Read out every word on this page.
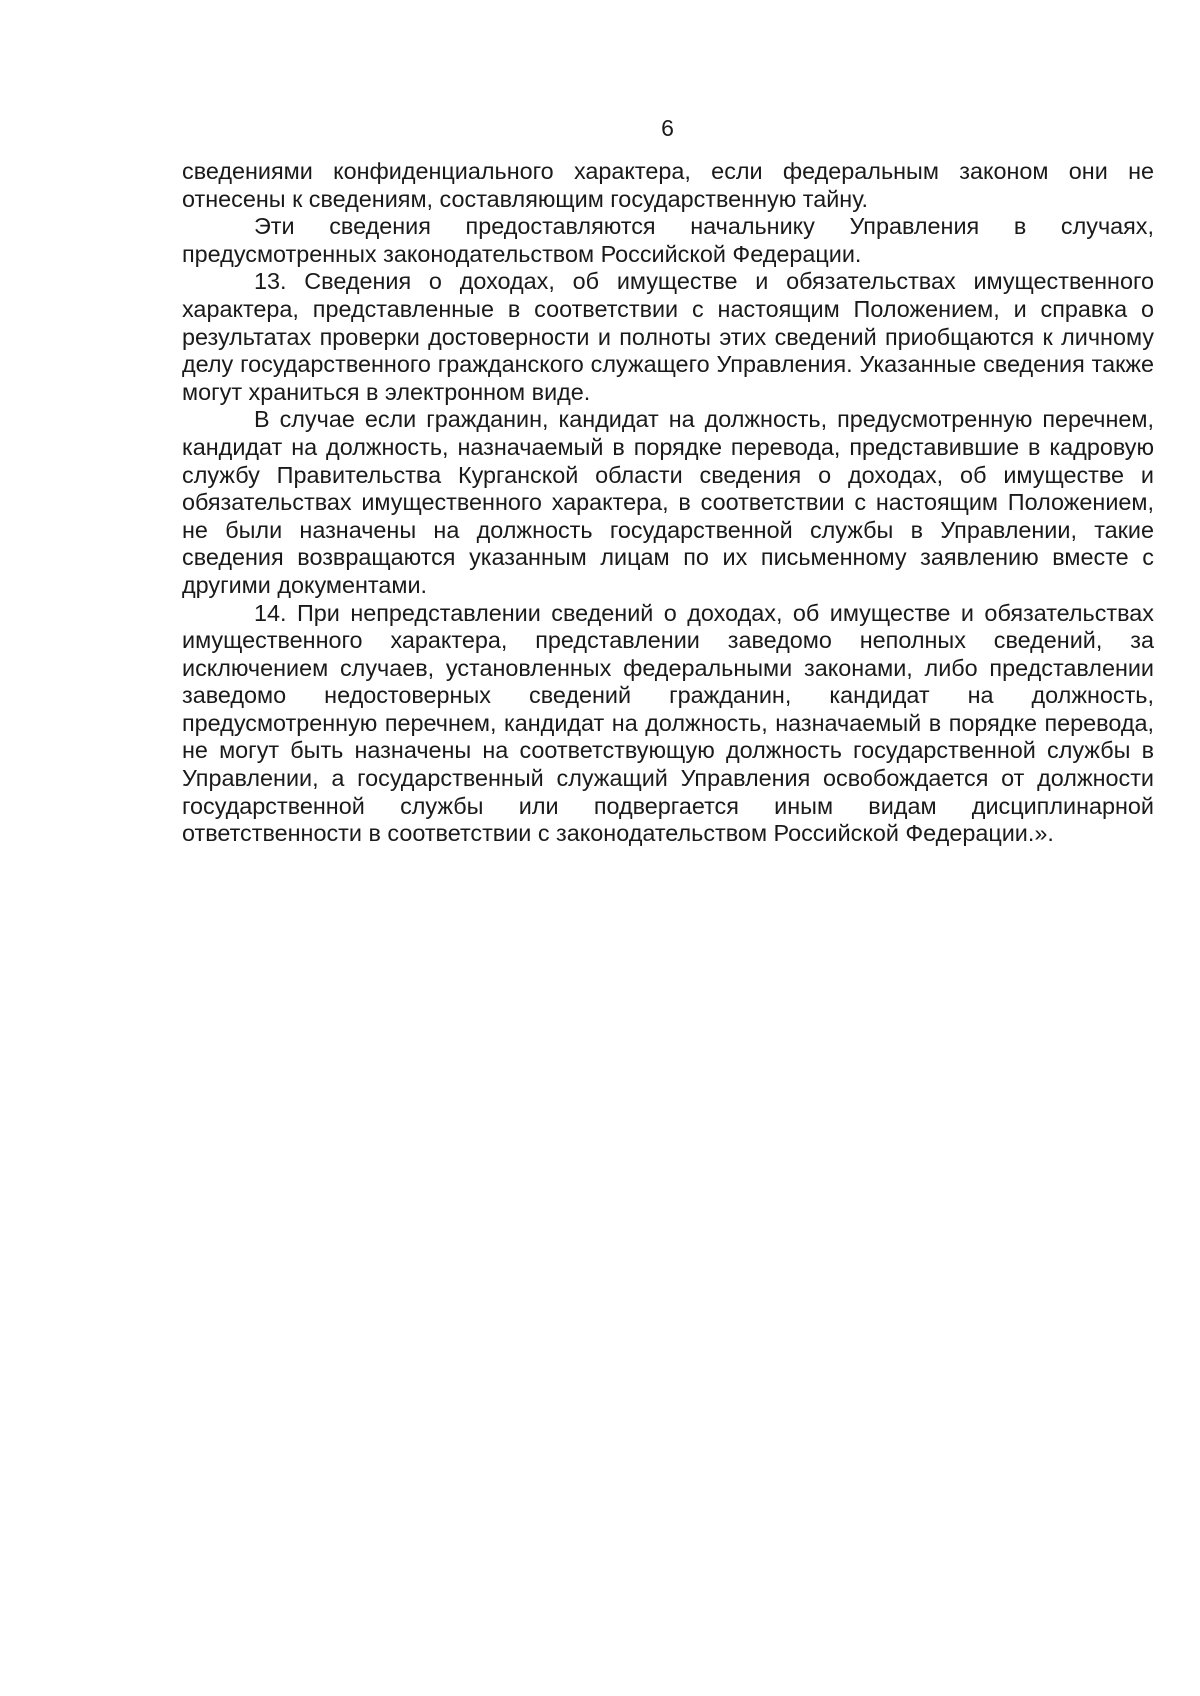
6

сведениями конфиденциального характера, если федеральным законом они не отнесены к сведениям, составляющим государственную тайну.

Эти сведения предоставляются начальнику Управления в случаях, предусмотренных законодательством Российской Федерации.

13. Сведения о доходах, об имуществе и обязательствах имущественного характера, представленные в соответствии с настоящим Положением, и справка о результатах проверки достоверности и полноты этих сведений приобщаются к личному делу государственного гражданского служащего Управления. Указанные сведения также могут храниться в электронном виде.

В случае если гражданин, кандидат на должность, предусмотренную перечнем, кандидат на должность, назначаемый в порядке перевода, представившие в кадровую службу Правительства Курганской области сведения о доходах, об имуществе и обязательствах имущественного характера, в соответствии с настоящим Положением, не были назначены на должность государственной службы в Управлении, такие сведения возвращаются указанным лицам по их письменному заявлению вместе с другими документами.

14. При непредставлении сведений о доходах, об имуществе и обязательствах имущественного характера, представлении заведомо неполных сведений, за исключением случаев, установленных федеральными законами, либо представлении заведомо недостоверных сведений гражданин, кандидат на должность, предусмотренную перечнем, кандидат на должность, назначаемый в порядке перевода, не могут быть назначены на соответствующую должность государственной службы в Управлении, а государственный служащий Управления освобождается от должности государственной службы или подвергается иным видам дисциплинарной ответственности в соответствии с законодательством Российской Федерации.».
